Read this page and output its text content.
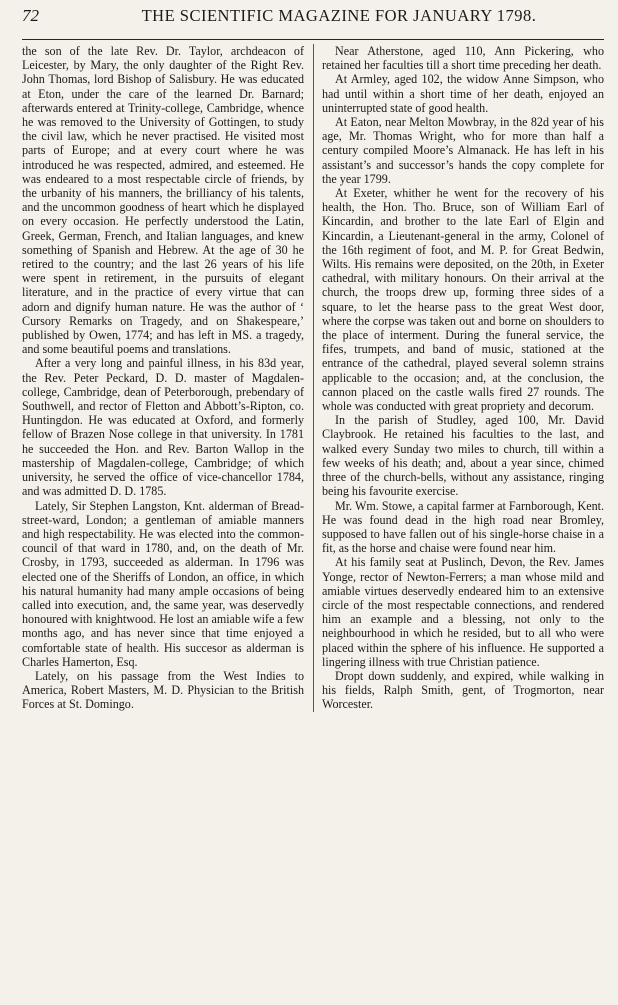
72	THE SCIENTIFIC MAGAZINE FOR JANUARY 1798.

the son of the late Rev. Dr. Taylor, archdeacon of Leicester, by Mary, the only daughter of the Right Rev. John Thomas, lord Bishop of Salisbury. He was educated at Eton, under the care of the learned Dr. Barnard; afterwards entered at Trinity-college, Cambridge, whence he was removed to the University of Gottingen, to study the civil law, which he never practised. He visited most parts of Europe; and at every court where he was introduced he was respected, admired, and esteemed. He was endeared to a most respectable circle of friends, by the urbanity of his manners, the brilliancy of his talents, and the uncommon goodness of heart which he displayed on every occasion. He perfectly understood the Latin, Greek, German, French, and Italian languages, and knew something of Spanish and Hebrew. At the age of 30 he retired to the country; and the last 26 years of his life were spent in retirement, in the pursuits of elegant literature, and in the practice of every virtue that can adorn and dignify human nature. He was the author of ‘ Cursory Remarks on Tragedy, and on Shakespeare,’ published by Owen, 1774; and has left in MS. a tragedy, and some beautiful poems and translations.

After a very long and painful illness, in his 83d year, the Rev. Peter Peckard, D. D. master of Magdalen-college, Cambridge, dean of Peterborough, prebendary of Southwell, and rector of Fletton and Abbott’s-Ripton, co. Huntingdon. He was educated at Oxford, and formerly fellow of Brazen Nose college in that university. In 1781 he succeeded the Hon. and Rev. Barton Wallop in the mastership of Magdalen-college, Cambridge; of which university, he served the office of vice-chancellor 1784, and was admitted D. D. 1785.

Lately, Sir Stephen Langston, Knt. alderman of Bread-street-ward, London; a gentleman of amiable manners and high respectability. He was elected into the common-council of that ward in 1780, and, on the death of Mr. Crosby, in 1793, succeeded as alderman. In 1796 was elected one of the Sheriffs of London, an office, in which his natural humanity had many ample occasions of being called into execution, and, the same year, was deservedly honoured with knightwood. He lost an amiable wife a few months ago, and has never since that time enjoyed a comfortable state of health. His succesor as alderman is Charles Hamerton, Esq.

Lately, on his passage from the West Indies to America, Robert Masters, M. D. Physician to the British Forces at St. Domingo.

Near Atherstone, aged 110, Ann Pickering, who retained her faculties till a short time preceding her death.

At Armley, aged 102, the widow Anne Simpson, who had until within a short time of her death, enjoyed an uninterrupted state of good health.

At Eaton, near Melton Mowbray, in the 82d year of his age, Mr. Thomas Wright, who for more than half a century compiled Moore’s Almanack. He has left in his assistant’s and successor’s hands the copy complete for the year 1799.

At Exeter, whither he went for the recovery of his health, the Hon. Tho. Bruce, son of William Earl of Kincardin, and brother to the late Earl of Elgin and Kincardin, a Lieutenant-general in the army, Colonel of the 16th regiment of foot, and M. P. for Great Bedwin, Wilts. His remains were deposited, on the 20th, in Exeter cathedral, with military honours. On their arrival at the church, the troops drew up, forming three sides of a square, to let the hearse pass to the great West door, where the corpse was taken out and borne on shoulders to the place of interment. During the funeral service, the fifes, trumpets, and band of music, stationed at the entrance of the cathedral, played several solemn strains applicable to the occasion; and, at the conclusion, the cannon placed on the castle walls fired 27 rounds. The whole was conducted with great propriety and decorum.

In the parish of Studley, aged 100, Mr. David Claybrook. He retained his faculties to the last, and walked every Sunday two miles to church, till within a few weeks of his death; and, about a year since, chimed three of the church-bells, without any assistance, ringing being his favourite exercise.

Mr. Wm. Stowe, a capital farmer at Farnborough, Kent. He was found dead in the high road near Bromley, supposed to have fallen out of his single-horse chaise in a fit, as the horse and chaise were found near him.

At his family seat at Puslinch, Devon, the Rev. James Yonge, rector of Newton-Ferrers; a man whose mild and amiable virtues deservedly endeared him to an extensive circle of the most respectable connections, and rendered him an example and a blessing, not only to the neighbourhood in which he resided, but to all who were placed within the sphere of his influence. He supported a lingering illness with true Christian patience.

Dropt down suddenly, and expired, while walking in his fields, Ralph Smith, gent, of Trogmorton, near Worcester.
